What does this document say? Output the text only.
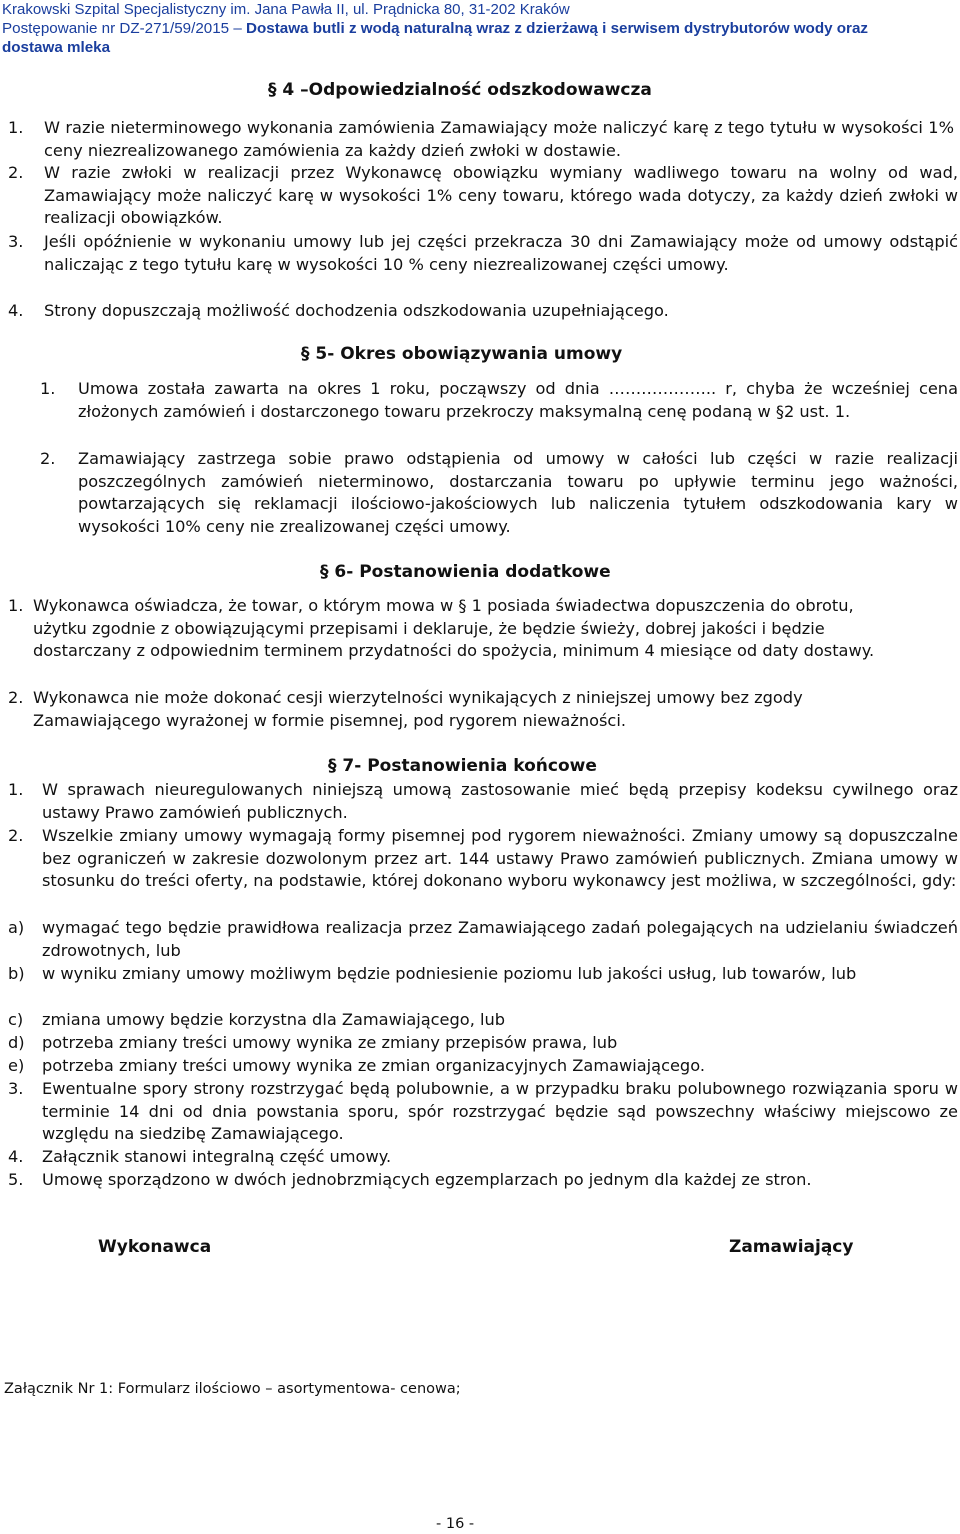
Krakowski Szpital Specjalistyczny im. Jana Pawła II, ul. Prądnicka 80, 31-202 Kraków
Postępowanie nr DZ-271/59/2015 – Dostawa butli z wodą naturalną wraz z dzierżawą i serwisem dystrybutorów wody oraz
dostawa mleka
§ 4 –Odpowiedzialność odszkodowawcza
1. W razie nieterminowego wykonania zamówienia Zamawiający może naliczyć karę z tego tytułu w wysokości 1% ceny niezrealizowanego zamówienia za każdy dzień zwłoki w dostawie.
2. W razie zwłoki w realizacji przez Wykonawcę obowiązku wymiany wadliwego towaru na wolny od wad, Zamawiający może naliczyć karę w wysokości 1% ceny towaru, którego wada dotyczy, za każdy dzień zwłoki w realizacji obowiązków.
3. Jeśli opóźnienie w wykonaniu umowy lub jej części przekracza 30 dni Zamawiający może od umowy odstąpić naliczając z tego tytułu karę w wysokości 10 % ceny niezrealizowanej części umowy.
4. Strony dopuszczają możliwość dochodzenia odszkodowania uzupełniającego.
§ 5- Okres obowiązywania umowy
1. Umowa została zawarta na okres 1 roku, począwszy od dnia ……………….. r, chyba że wcześniej cena złożonych zamówień i dostarczonego towaru przekroczy maksymalną cenę podaną w §2 ust. 1.
2. Zamawiający zastrzega sobie prawo odstąpienia od umowy w całości lub części w razie realizacji poszczególnych zamówień nieterminowo, dostarczania towaru po upływie terminu jego ważności, powtarzających się reklamacji ilościowo-jakościowych lub naliczenia tytułem odszkodowania kary w wysokości 10% ceny nie zrealizowanej części umowy.
§ 6- Postanowienia dodatkowe
1. Wykonawca oświadcza, że towar, o którym mowa w § 1 posiada świadectwa dopuszczenia do obrotu, użytku zgodnie z obowiązującymi przepisami i deklaruje, że będzie świeży, dobrej jakości i będzie dostarczany z odpowiednim terminem przydatności do spożycia, minimum 4 miesiące od daty dostawy.
2. Wykonawca nie może dokonać cesji wierzytelności wynikających z niniejszej umowy bez zgody Zamawiającego wyrażonej w formie pisemnej, pod rygorem nieważności.
§ 7- Postanowienia końcowe
1. W sprawach nieuregulowanych niniejszą umową zastosowanie mieć będą przepisy kodeksu cywilnego oraz ustawy Prawo zamówień publicznych.
2. Wszelkie zmiany umowy wymagają formy pisemnej pod rygorem nieważności. Zmiany umowy są dopuszczalne bez ograniczeń w zakresie dozwolonym przez art. 144 ustawy Prawo zamówień publicznych. Zmiana umowy w stosunku do treści oferty, na podstawie, której dokonano wyboru wykonawcy jest możliwa, w szczególności, gdy:
a) wymagać tego będzie prawidłowa realizacja przez Zamawiającego zadań polegających na udzielaniu świadczeń zdrowotnych, lub
b) w wyniku zmiany umowy możliwym będzie podniesienie poziomu lub jakości usług, lub towarów, lub
c) zmiana umowy będzie korzystna dla Zamawiającego, lub
d) potrzeba zmiany treści umowy wynika ze zmiany przepisów prawa, lub
e) potrzeba zmiany treści umowy wynika ze zmian organizacyjnych Zamawiającego.
3. Ewentualne spory strony rozstrzygać będą polubownie, a w przypadku braku polubownego rozwiązania sporu w terminie 14 dni od dnia powstania sporu, spór rozstrzygać będzie sąd powszechny właściwy miejscowo ze względu na siedzibę Zamawiającego.
4. Załącznik stanowi integralną część umowy.
5. Umowę sporządzono w dwóch jednobrzmiących egzemplarzach po jednym dla każdej ze stron.
Wykonawca	Zamawiający
Załącznik Nr 1: Formularz ilościowo – asortymentowa- cenowa;
- 16 -
